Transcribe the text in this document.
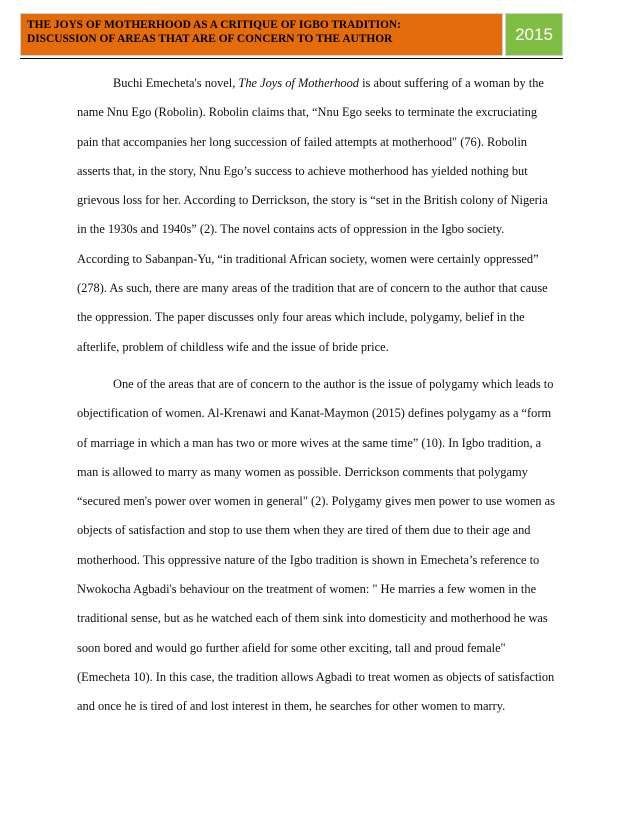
THE JOYS OF MOTHERHOOD AS A CRITIQUE OF IGBO TRADITION:
DISCUSSION OF AREAS THAT ARE OF CONCERN TO THE AUTHOR	2015

Buchi Emecheta's novel, The Joys of Motherhood is about suffering of a woman by the
name Nnu Ego (Robolin). Robolin claims that, “Nnu Ego seeks to terminate the excruciating
pain that accompanies her long succession of failed attempts at motherhood" (76). Robolin
asserts that, in the story, Nnu Ego’s success to achieve motherhood has yielded nothing but
grievous loss for her. According to Derrickson, the story is “set in the British colony of Nigeria
in the 1930s and 1940s” (2). The novel contains acts of oppression in the Igbo society.
According to Sabanpan-Yu, “in traditional African society, women were certainly oppressed”
(278). As such, there are many areas of the tradition that are of concern to the author that cause
the oppression. The paper discusses only four areas which include, polygamy, belief in the
afterlife, problem of childless wife and the issue of bride price.

One of the areas that are of concern to the author is the issue of polygamy which leads to
objectification of women. Al-Krenawi and Kanat-Maymon (2015) defines polygamy as a “form
of marriage in which a man has two or more wives at the same time” (10). In Igbo tradition, a
man is allowed to marry as many women as possible. Derrickson comments that polygamy
“secured men's power over women in general" (2). Polygamy gives men power to use women as
objects of satisfaction and stop to use them when they are tired of them due to their age and
motherhood. This oppressive nature of the Igbo tradition is shown in Emecheta’s reference to
Nwokocha Agbadi's behaviour on the treatment of women: " He marries a few women in the
traditional sense, but as he watched each of them sink into domesticity and motherhood he was
soon bored and would go further afield for some other exciting, tall and proud female"
(Emecheta 10). In this case, the tradition allows Agbadi to treat women as objects of satisfaction
and once he is tired of and lost interest in them, he searches for other women to marry.
